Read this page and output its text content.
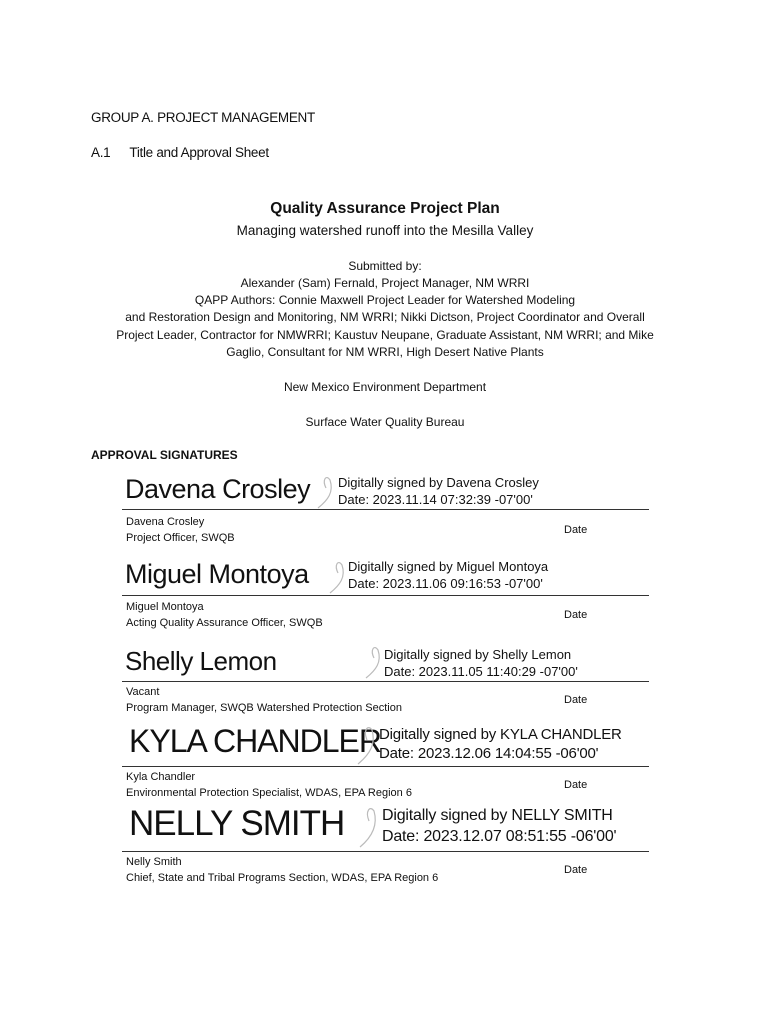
GROUP A. PROJECT MANAGEMENT
A.1 Title and Approval Sheet
Quality Assurance Project Plan
Managing watershed runoff into the Mesilla Valley
Submitted by:
Alexander (Sam) Fernald, Project Manager, NM WRRI
QAPP Authors: Connie Maxwell Project Leader for Watershed Modeling
and Restoration Design and Monitoring, NM WRRI; Nikki Dictson, Project Coordinator and Overall
Project Leader, Contractor for NMWRRI; Kaustuv Neupane, Graduate Assistant, NM WRRI; and Mike
Gaglio, Consultant for NM WRRI, High Desert Native Plants
New Mexico Environment Department
Surface Water Quality Bureau
APPROVAL SIGNATURES
Davena Crosley Digitally signed by Davena Crosley
Date: 2023.11.14 07:32:39 -07'00'
Davena Crosley
Project Officer, SWQB
Date
Miguel Montoya	Digitally signed by Miguel Montoya
Date: 2023.11.06 09:16:53 -07'00'
Miguel Montoya
Acting Quality Assurance Officer, SWQB
Date
Shelly Lemon	Digitally signed by Shelly Lemon
Date: 2023.11.05 11:40:29 -07'00'
Vacant
Program Manager, SWQB Watershed Protection Section
Date
KYLA CHANDLER
Digitally signed by KYLA CHANDLER
Date: 2023.12.06 14:04:55 -06'00'
Kyla Chandler
Environmental Protection Specialist, WDAS, EPA Region 6
Date
NELLY SMITH Digitally signed by NELLY SMITH
Date: 2023.12.07 08:51:55 -06'00'
Nelly Smith
Chief, State and Tribal Programs Section, WDAS, EPA Region 6
Date
